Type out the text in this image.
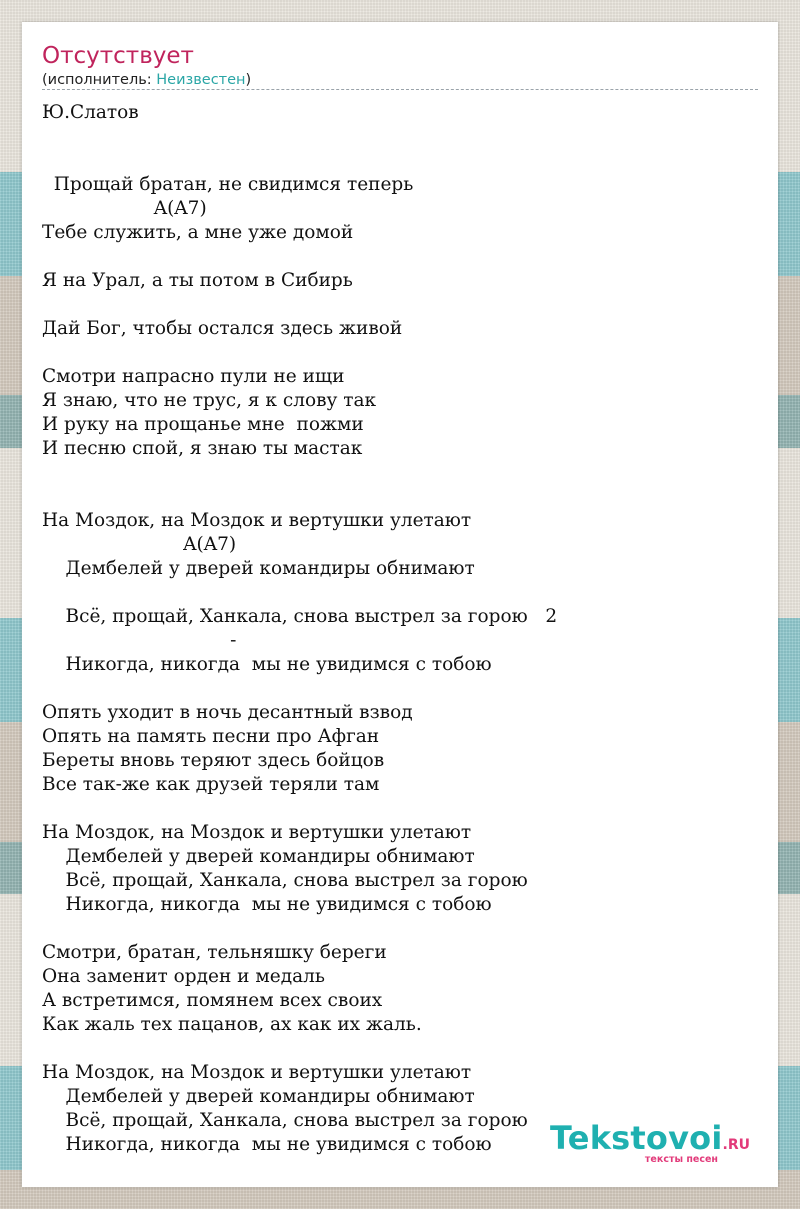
Отсутствует
(исполнитель: Неизвестен)
Ю.Слатов

Прощай братан, не свидимся теперь
A(A7)
Тебе служить, а мне уже домой

Я на Урал, а ты потом в Сибирь

Дай Бог, чтобы остался здесь живой

Смотри напрасно пули не ищи
Я знаю, что не трус, я к слову так
И руку на прощанье мне  пожми
И песню спой, я знаю ты мастак

На Моздок, на Моздок и вертушки улетают
A(A7)
Дембелей у дверей командиры обнимают

Всё, прощай, Ханкала, снова выстрел за горою   2
-
Никогда, никогда  мы не увидимся с тобою

Опять уходит в ночь десантный взвод
Опять на память песни про Афган
Береты вновь теряют здесь бойцов
Все так-же как друзей теряли там

На Моздок, на Моздок и вертушки улетают
Дембелей у дверей командиры обнимают
Всё, прощай, Ханкала, снова выстрел за горою
Никогда, никогда  мы не увидимся с тобою

Смотри, братан, тельняшку береги
Она заменит орден и медаль
А встретимся, помянем всех своих
Как жаль тех пацанов, ах как их жаль.

На Моздок, на Моздок и вертушки улетают
Дембелей у дверей командиры обнимают
Всё, прощай, Ханкала, снова выстрел за горою
Никогда, никогда  мы не увидимся с тобою	Tekstovoi.RU
тексты песен
